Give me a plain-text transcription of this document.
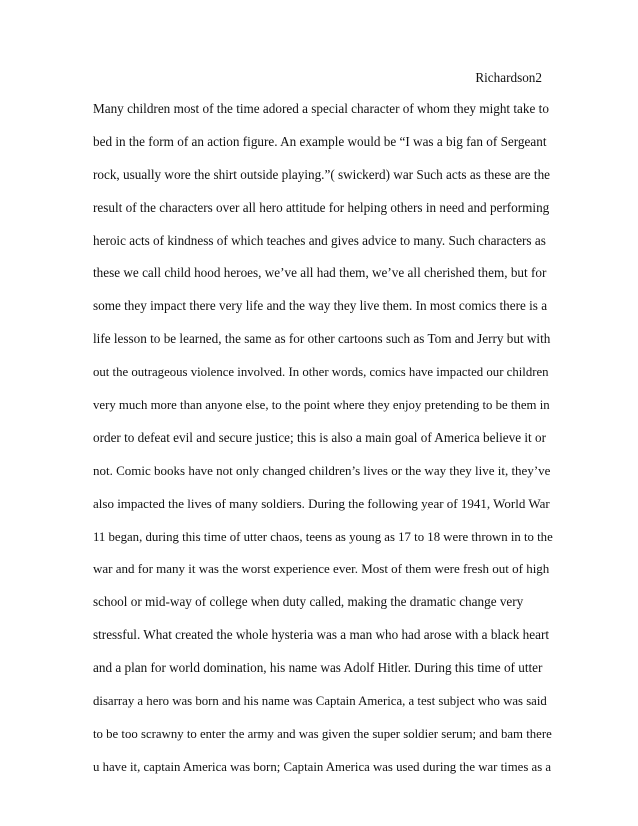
Richardson2
Many children most of the time adored a special character of whom they might take to
bed in the form of an action figure. An example would be “I was a big fan of Sergeant
rock, usually wore the shirt outside playing.”( swickerd) war Such acts as these are the
result of the characters over all hero attitude for helping others in need and performing
heroic acts of kindness of which teaches and gives advice to many. Such characters as
these we call child hood heroes, we’ve all had them, we’ve all cherished them, but for
some they impact there very life and the way they live them. In most comics there is a
life lesson to be learned, the same as for other cartoons such as Tom and Jerry but with
out the outrageous violence involved. In other words, comics have impacted our children
very much more than anyone else, to the point where they enjoy pretending to be them in
order to defeat evil and secure justice; this is also a main goal of America believe it or
not. Comic books have not only changed children’s lives or the way they live it, they’ve
also impacted the lives of many soldiers. During the following year of 1941, World War
11 began, during this time of utter chaos, teens as young as 17 to 18 were thrown in to the
war and for many it was the worst experience ever. Most of them were fresh out of high
school or mid-way of college when duty called, making the dramatic change very
stressful. What created the whole hysteria was a man who had arose with a black heart
and a plan for world domination, his name was Adolf Hitler. During this time of utter
disarray a hero was born and his name was Captain America, a test subject who was said
to be too scrawny to enter the army and was given the super soldier serum; and bam there
u have it, captain America was born; Captain America was used during the war times as a
